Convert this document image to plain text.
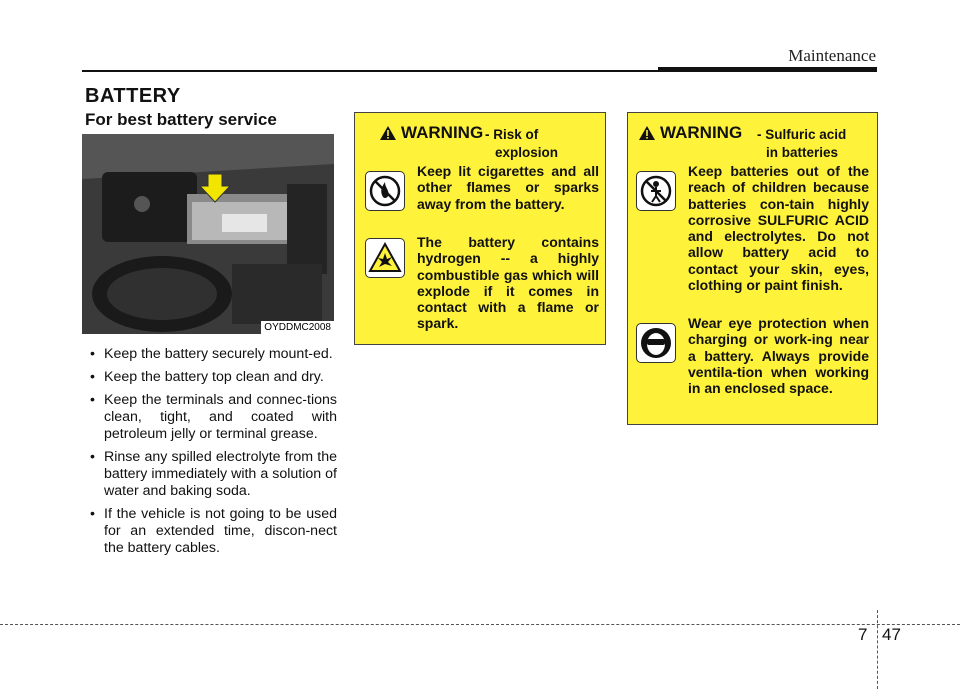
Maintenance
BATTERY
For best battery service
OYDDMC2008
• Keep the battery securely mount-ed.
• Keep the battery top clean and dry.
• Keep the terminals and connec-tions clean, tight, and coated with petroleum jelly or terminal grease.
• Rinse any spilled electrolyte from the battery immediately with a solution of water and baking soda.
• If the vehicle is not going to be used for an extended time, discon-nect the battery cables.
WARNING - Risk of
explosion
Keep lit cigarettes and all other flames or sparks away from the battery.
The battery contains hydrogen -- a highly combustible gas which will explode if it comes in contact with a flame or spark.
WARNING - Sulfuric acid
in batteries
Keep batteries out of the reach of children because batteries con-tain highly corrosive SULFURIC ACID and electrolytes. Do not allow battery acid to contact your skin, eyes, clothing or paint finish.
Wear eye protection when charging or work-ing near a battery. Always provide ventila-tion when working in an enclosed space.
7 47
